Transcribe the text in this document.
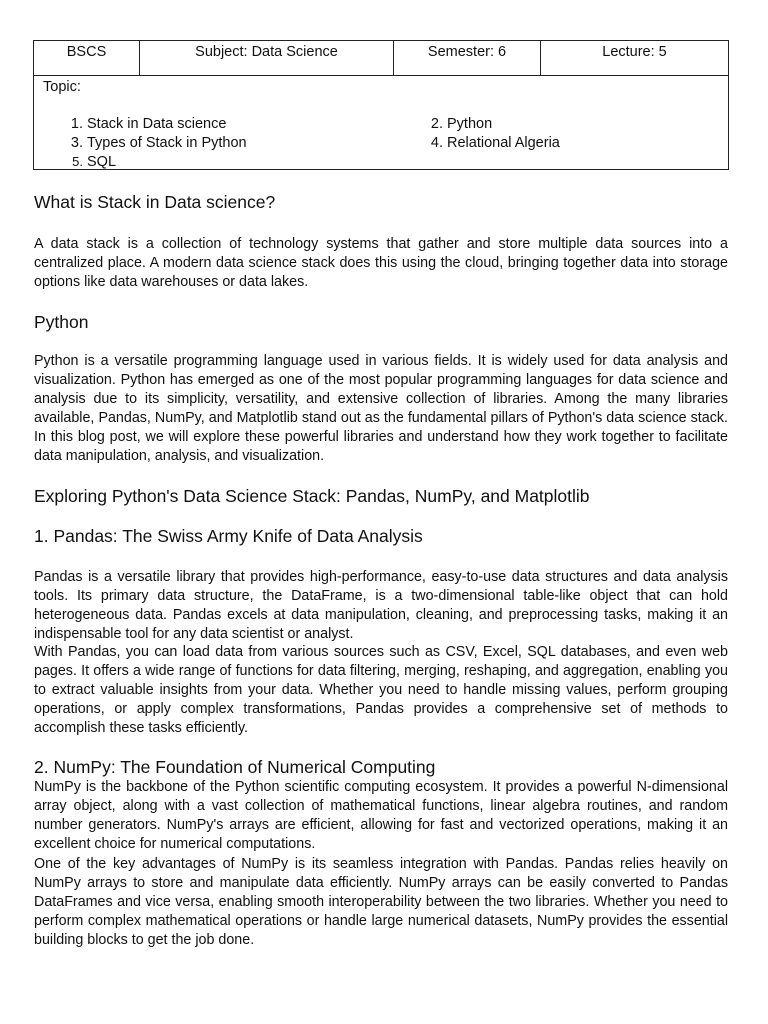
BSCS	Subject: Data Science	Semester: 6	Lecture: 5

Topic:
1. Stack in Data science	2. Python
3. Types of Stack in Python	4. Relational Algeria
5. SQL
What is Stack in Data science?

A data stack is a collection of technology systems that gather and store multiple data sources into a centralized place. A modern data science stack does this using the cloud, bringing together data into storage options like data warehouses or data lakes.

Python

Python is a versatile programming language used in various fields. It is widely used for data analysis and visualization. Python has emerged as one of the most popular programming languages for data science and analysis due to its simplicity, versatility, and extensive collection of libraries. Among the many libraries available, Pandas, NumPy, and Matplotlib stand out as the fundamental pillars of Python's data science stack. In this blog post, we will explore these powerful libraries and understand how they work together to facilitate data manipulation, analysis, and visualization.

Exploring Python's Data Science Stack: Pandas, NumPy, and Matplotlib
1. Pandas: The Swiss Army Knife of Data Analysis

Pandas is a versatile library that provides high-performance, easy-to-use data structures and data analysis tools. Its primary data structure, the DataFrame, is a two-dimensional table-like object that can hold heterogeneous data. Pandas excels at data manipulation, cleaning, and preprocessing tasks, making it an indispensable tool for any data scientist or analyst.

With Pandas, you can load data from various sources such as CSV, Excel, SQL databases, and even web pages. It offers a wide range of functions for data filtering, merging, reshaping, and aggregation, enabling you to extract valuable insights from your data. Whether you need to handle missing values, perform grouping operations, or apply complex transformations, Pandas provides a comprehensive set of methods to accomplish these tasks efficiently.

2. NumPy: The Foundation of Numerical Computing

NumPy is the backbone of the Python scientific computing ecosystem. It provides a powerful N-dimensional array object, along with a vast collection of mathematical functions, linear algebra routines, and random number generators. NumPy's arrays are efficient, allowing for fast and vectorized operations, making it an excellent choice for numerical computations.

One of the key advantages of NumPy is its seamless integration with Pandas. Pandas relies heavily on NumPy arrays to store and manipulate data efficiently. NumPy arrays can be easily converted to Pandas DataFrames and vice versa, enabling smooth interoperability between the two libraries. Whether you need to perform complex mathematical operations or handle large numerical datasets, NumPy provides the essential building blocks to get the job done.
